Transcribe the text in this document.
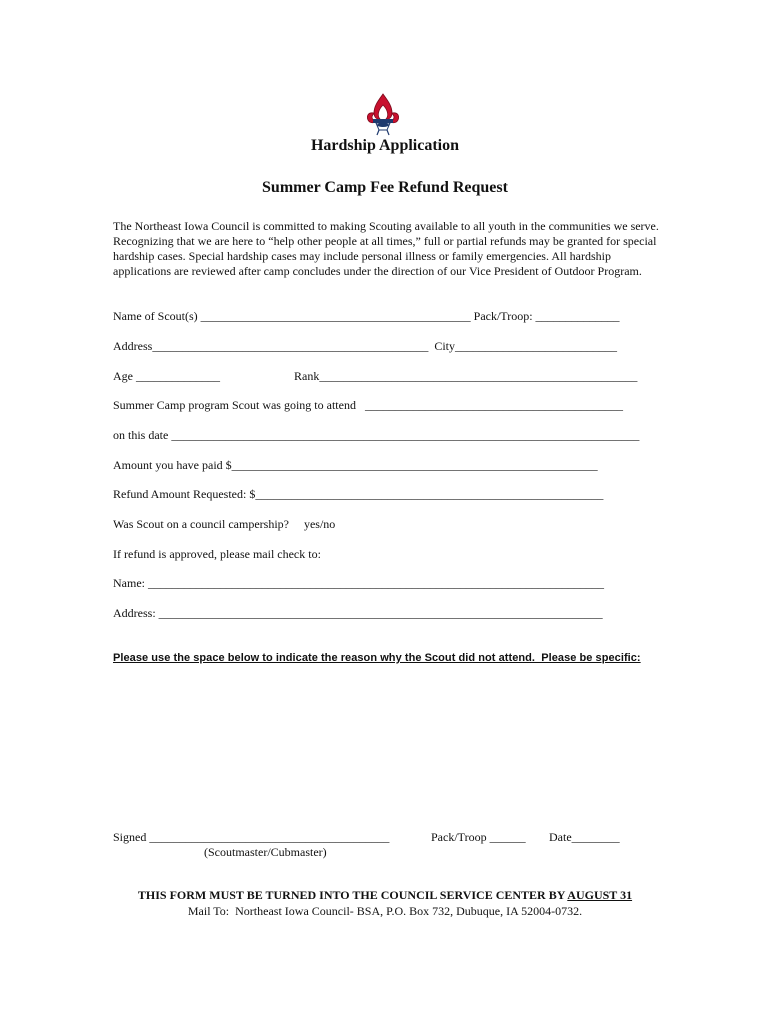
Hardship Application
Summer Camp Fee Refund Request

The Northeast Iowa Council is committed to making Scouting available to all youth in the communities we serve. Recognizing that we are here to “help other people at all times,” full or partial refunds may be granted for special hardship cases. Special hardship cases may include personal illness or family emergencies. All hardship applications are reviewed after camp concludes under the direction of our Vice President of Outdoor Program.

Name of Scout(s) _____________________________________________ Pack/Troop: ______________
Address______________________________________________  City___________________________
Age ______________	Rank_____________________________________________________
Summer Camp program Scout was going to attend   ___________________________________________
on this date ______________________________________________________________________________
Amount you have paid $_____________________________________________________________
Refund Amount Requested: $__________________________________________________________
Was Scout on a council campership?     yes/no
If refund is approved, please mail check to:
Name: ____________________________________________________________________________
Address: __________________________________________________________________________
Please use the space below to indicate the reason why the Scout did not attend.  Please be specific:
Signed ________________________________________	Pack/Troop ______ Date________
(Scoutmaster/Cubmaster)
THIS FORM MUST BE TURNED INTO THE COUNCIL SERVICE CENTER BY AUGUST 31
Mail To:  Northeast Iowa Council- BSA, P.O. Box 732, Dubuque, IA 52004-0732.
